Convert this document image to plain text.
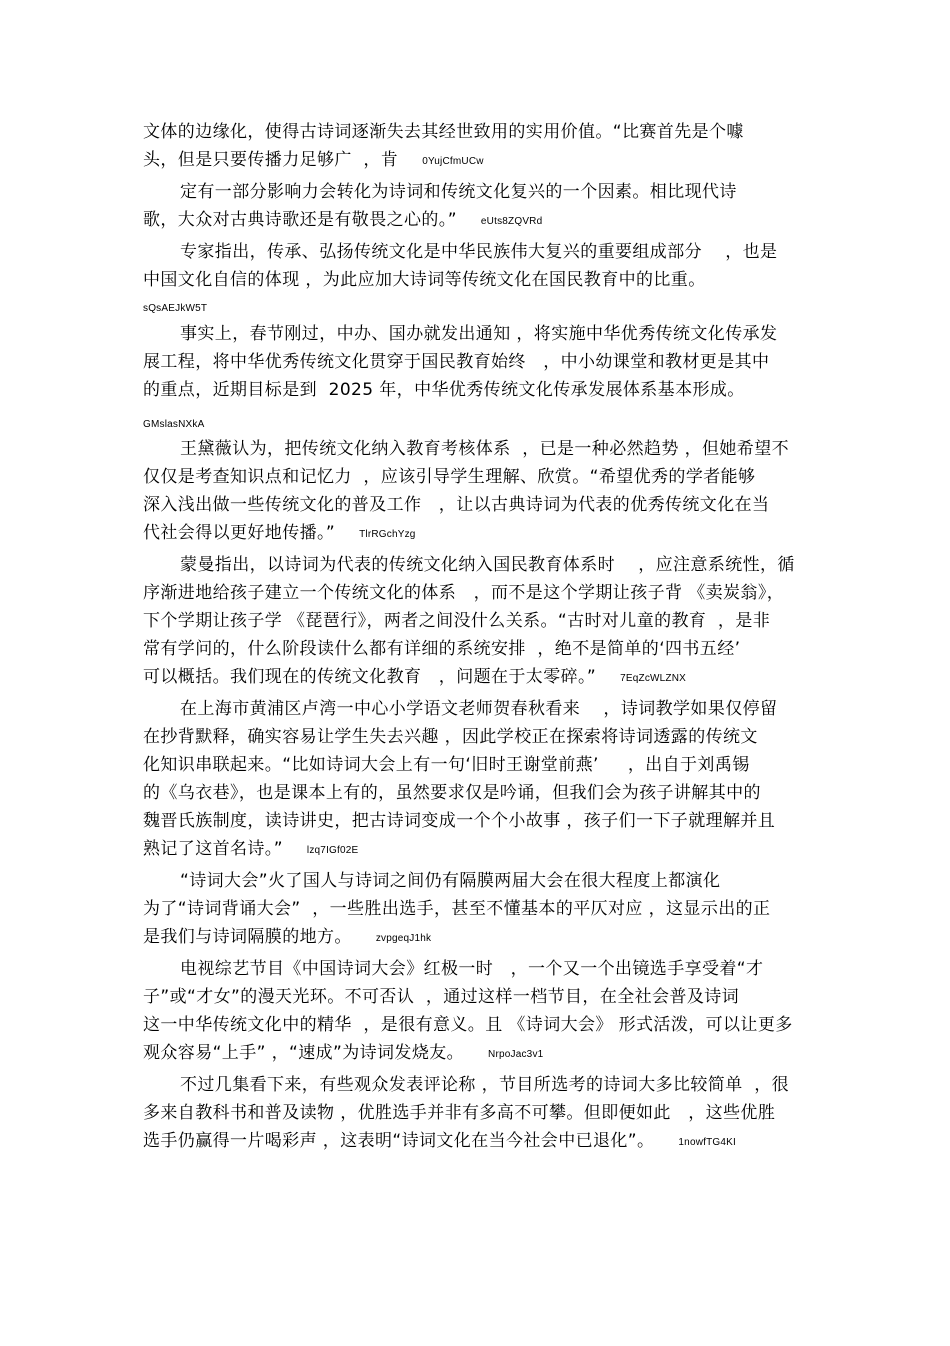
文体的边缘化，使得古诗词逐渐失去其经世致用的实用价值。“比赛首先是个噱

头，但是只要传播力足够广  ，肯 0YujCfmUCw

定有一部分影响力会转化为诗词和传统文化复兴的一个因素。相比现代诗

歌，大众对古典诗歌还是有敬畏之心的。” eUts8ZQVRd

专家指出，传承、弘扬传统文化是中华民族伟大复兴的重要组成部分    ，也是

中国文化自信的体现 ，为此应加大诗词等传统文化在国民教育中的比重。

sQsAEJkW5T

事实上，春节刚过，中办、国办就发出通知 ，将实施中华优秀传统文化传承发

展工程，将中华优秀传统文化贯穿于国民教育始终   ，中小幼课堂和教材更是其中

的重点，近期目标是到  2025 年，中华优秀传统文化传承发展体系基本形成。

GMslasNXkA

王黛薇认为，把传统文化纳入教育考核体系  ，已是一种必然趋势 ，但她希望不

仅仅是考查知识点和记忆力  ，应该引导学生理解、欣赏。“希望优秀的学者能够

深入浅出做一些传统文化的普及工作   ，让以古典诗词为代表的优秀传统文化在当

代社会得以更好地传播。” TlrRGchYzg

蒙曼指出，以诗词为代表的传统文化纳入国民教育体系时    ，应注意系统性，循

序渐进地给孩子建立一个传统文化的体系   ，而不是这个学期让孩子背 《卖炭翁》，

下个学期让孩子学 《琵琶行》，两者之间没什么关系。“古时对儿童的教育  ，是非

常有学问的，什么阶段读什么都有详细的系统安排  ，绝不是简单的‘四书五经’

可以概括。我们现在的传统文化教育   ，问题在于太零碎。” 7EqZcWLZNX

在上海市黄浦区卢湾一中心小学语文老师贺春秋看来    ，诗词教学如果仅停留

在抄背默释，确实容易让学生失去兴趣 ，因此学校正在探索将诗词透露的传统文

化知识串联起来。“比如诗词大会上有一句‘旧时王谢堂前燕’     ，出自于刘禹锡

的《乌衣巷》，也是课本上有的，虽然要求仅是吟诵，但我们会为孩子讲解其中的

魏晋氏族制度，读诗讲史，把古诗词变成一个个小故事 ，孩子们一下子就理解并且

熟记了这首名诗。” lzq7IGf02E

“诗词大会”火了国人与诗词之间仍有隔膜两届大会在很大程度上都演化

为了“诗词背诵大会”  ，一些胜出选手，甚至不懂基本的平仄对应 ，这显示出的正

是我们与诗词隔膜的地方。 zvpgeqJ1hk

电视综艺节目《中国诗词大会》红极一时   ，一个又一个出镜选手享受着“才

子”或“才女”的漫天光环。不可否认  ，通过这样一档节目，在全社会普及诗词

这一中华传统文化中的精华  ，是很有意义。且 《诗词大会》 形式活泼，可以让更多

观众容易“上手” ，“速成”为诗词发烧友。 NrpoJac3v1

不过几集看下来，有些观众发表评论称 ，节目所选考的诗词大多比较简单  ，很

多来自教科书和普及读物 ，优胜选手并非有多高不可攀。但即便如此   ，这些优胜

选手仍赢得一片喝彩声 ，这表明“诗词文化在当今社会中已退化”。 1nowfTG4KI
